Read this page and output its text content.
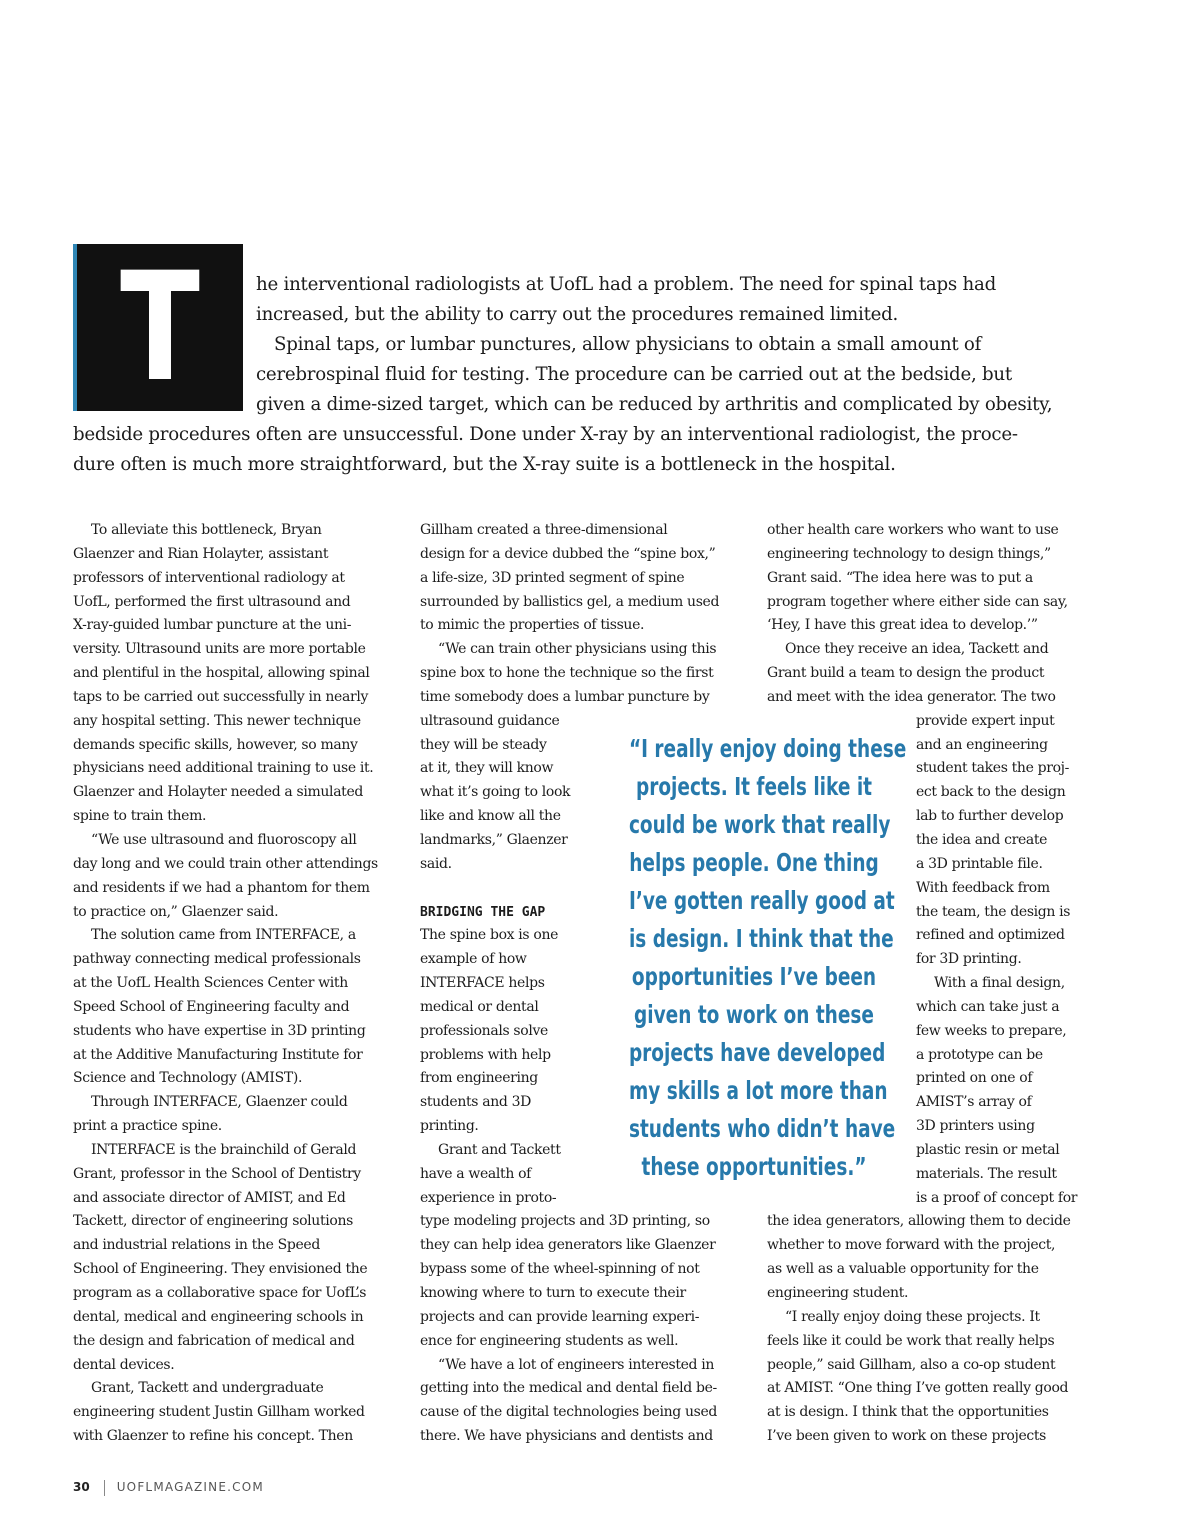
T	he interventional radiologists at UofL had a problem. The need for spinal taps had
increased, but the ability to carry out the procedures remained limited.
Spinal taps, or lumbar punctures, allow physicians to obtain a small amount of
cerebrospinal fluid for testing. The procedure can be carried out at the bedside, but
given a dime-sized target, which can be reduced by arthritis and complicated by obesity,
bedside procedures often are unsuccessful. Done under X-ray by an interventional radiologist, the proce-
dure often is much more straightforward, but the X-ray suite is a bottleneck in the hospital.
To alleviate this bottleneck, Bryan
Glaenzer and Rian Holayter, assistant
professors of interventional radiology at
UofL, performed the first ultrasound and
X-ray-guided lumbar puncture at the uni-
versity. Ultrasound units are more portable
and plentiful in the hospital, allowing spinal
taps to be carried out successfully in nearly
any hospital setting. This newer technique
demands specific skills, however, so many
physicians need additional training to use it.
Glaenzer and Holayter needed a simulated
spine to train them.
“We use ultrasound and fluoroscopy all
day long and we could train other attendings
and residents if we had a phantom for them
to practice on,” Glaenzer said.
The solution came from INTERFACE, a
pathway connecting medical professionals
at the UofL Health Sciences Center with
Speed School of Engineering faculty and
students who have expertise in 3D printing
at the Additive Manufacturing Institute for
Science and Technology (AMIST).
Through INTERFACE, Glaenzer could
print a practice spine.
INTERFACE is the brainchild of Gerald
Grant, professor in the School of Dentistry
and associate director of AMIST, and Ed
Tackett, director of engineering solutions
and industrial relations in the Speed
School of Engineering. They envisioned the
program as a collaborative space for UofL’s
dental, medical and engineering schools in
the design and fabrication of medical and
dental devices.
Grant, Tackett and undergraduate
engineering student Justin Gillham worked
with Glaenzer to refine his concept. Then
Gillham created a three-dimensional
design for a device dubbed the “spine box,”
a life-size, 3D printed segment of spine
surrounded by ballistics gel, a medium used
to mimic the properties of tissue.
“We can train other physicians using this
spine box to hone the technique so the first
time somebody does a lumbar puncture by
ultrasound guidance
they will be steady
at it, they will know
what it’s going to look
like and know all the
landmarks,” Glaenzer
said.
BRIDGING THE GAP
The spine box is one
example of how
INTERFACE helps
medical or dental
professionals solve
problems with help
from engineering
students and 3D
printing.
Grant and Tackett
have a wealth of
experience in proto-
type modeling projects and 3D printing, so
they can help idea generators like Glaenzer
bypass some of the wheel-spinning of not
knowing where to turn to execute their
projects and can provide learning experi-
ence for engineering students as well.
“We have a lot of engineers interested in
getting into the medical and dental field be-
cause of the digital technologies being used
there. We have physicians and dentists and
other health care workers who want to use
engineering technology to design things,”
Grant said. “The idea here was to put a
program together where either side can say,
‘Hey, I have this great idea to develop.’”
Once they receive an idea, Tackett and
Grant build a team to design the product
and meet with the idea generator. The two
provide expert input
and an engineering
student takes the proj-
ect back to the design
lab to further develop
the idea and create
a 3D printable file.
With feedback from
the team, the design is
refined and optimized
for 3D printing.
With a final design,
which can take just a
few weeks to prepare,
a prototype can be
printed on one of
AMIST’s array of
3D printers using
plastic resin or metal
materials. The result
is a proof of concept for
the idea generators, allowing them to decide
whether to move forward with the project,
as well as a valuable opportunity for the
engineering student.
“I really enjoy doing these projects. It
feels like it could be work that really helps
people,” said Gillham, also a co-op student
at AMIST. “One thing I’ve gotten really good
at is design. I think that the opportunities
I’ve been given to work on these projects
“I really enjoy doing these
projects. It feels like it
could be work that really
helps people. One thing
I’ve gotten really good at
is design. I think that the
opportunities I’ve been
given to work on these
projects have developed
my skills a lot more than
students who didn’t have
these opportunities.”
30 UOFLMAGAZINE.COM
